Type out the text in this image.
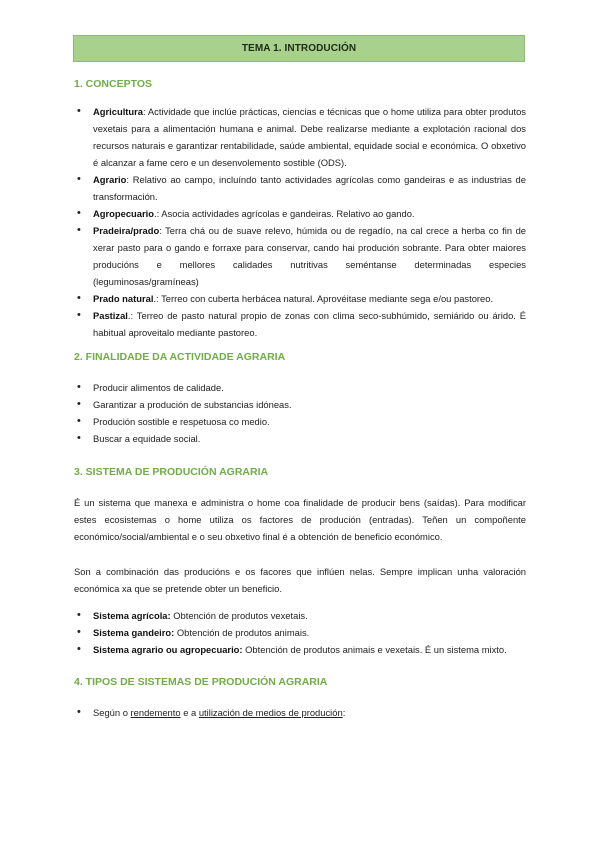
TEMA 1. INTRODUCIÓN
1. CONCEPTOS
• Agricultura: Actividade que inclúe prácticas, ciencias e técnicas que o home utiliza para obter produtos vexetais para a alimentación humana e animal. Debe realizarse mediante a explotación racional dos recursos naturais e garantizar rentabilidade, saúde ambiental, equidade social e económica. O obxetivo é alcanzar a fame cero e un desenvolemento sostible (ODS).
• Agrario: Relativo ao campo, incluíndo tanto actividades agrícolas como gandeiras e as industrias de transformación.
• Agropecuario.: Asocia actividades agrícolas e gandeiras. Relativo ao gando.
• Pradeira/prado: Terra chá ou de suave relevo, húmida ou de regadío, na cal crece a herba co fin de xerar pasto para o gando e forraxe para conservar, cando hai produción sobrante. Para obter maiores producións e mellores calidades nutritivas seméntanse determinadas especies (leguminosas/gramíneas)
• Prado natural.: Terreo con cuberta herbácea natural. Aprovéitase mediante sega e/ou pastoreo.
• Pastizal.: Terreo de pasto natural propio de zonas con clima seco-subhúmido, semiárido ou árido. É habitual aproveitalo mediante pastoreo.
2. FINALIDADE DA ACTIVIDADE AGRARIA
• Producir alimentos de calidade.
• Garantizar a produción de substancias idóneas.
• Produción sostible e respetuosa co medio.
• Buscar a equidade social.
3. SISTEMA DE PRODUCIÓN AGRARIA

É un sistema que manexa e administra o home coa finalidade de producir bens (saídas). Para modificar estes ecosistemas o home utiliza os factores de produción (entradas). Teñen un compoñente económico/social/ambiental e o seu obxetivo final é a obtención de beneficio económico.

Son a combinación das producións e os facores que inflúen nelas. Sempre implican unha valoración económica xa que se pretende obter un beneficio.

• Sistema agrícola: Obtención de produtos vexetais.
• Sistema gandeiro: Obtención de produtos animais.
• Sistema agrario ou agropecuario: Obtención de produtos animais e vexetais. É un sistema mixto.
4. TIPOS DE SISTEMAS DE PRODUCIÓN AGRARIA
• Según o rendemento e a utilización de medios de produción:
